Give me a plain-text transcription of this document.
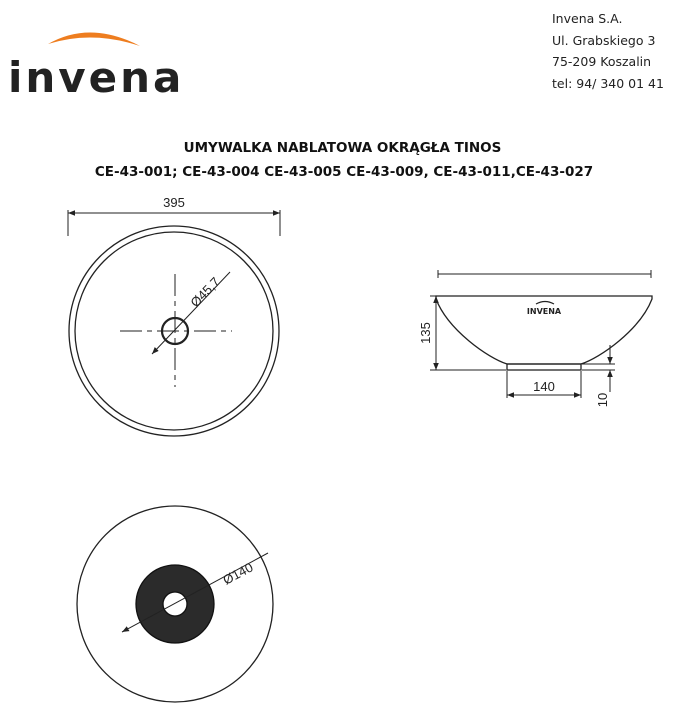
invena
Invena S.A.
Ul. Grabskiego 3
75-209 Koszalin
tel: 94/ 340 01 41
UMYWALKA NABLATOWA OKRĄGŁA TINOS
CE-43-001; CE-43-004 CE-43-005 CE-43-009, CE-43-011,CE-43-027
395
Ø45,7
INVENA
135
140
10
Ø140
